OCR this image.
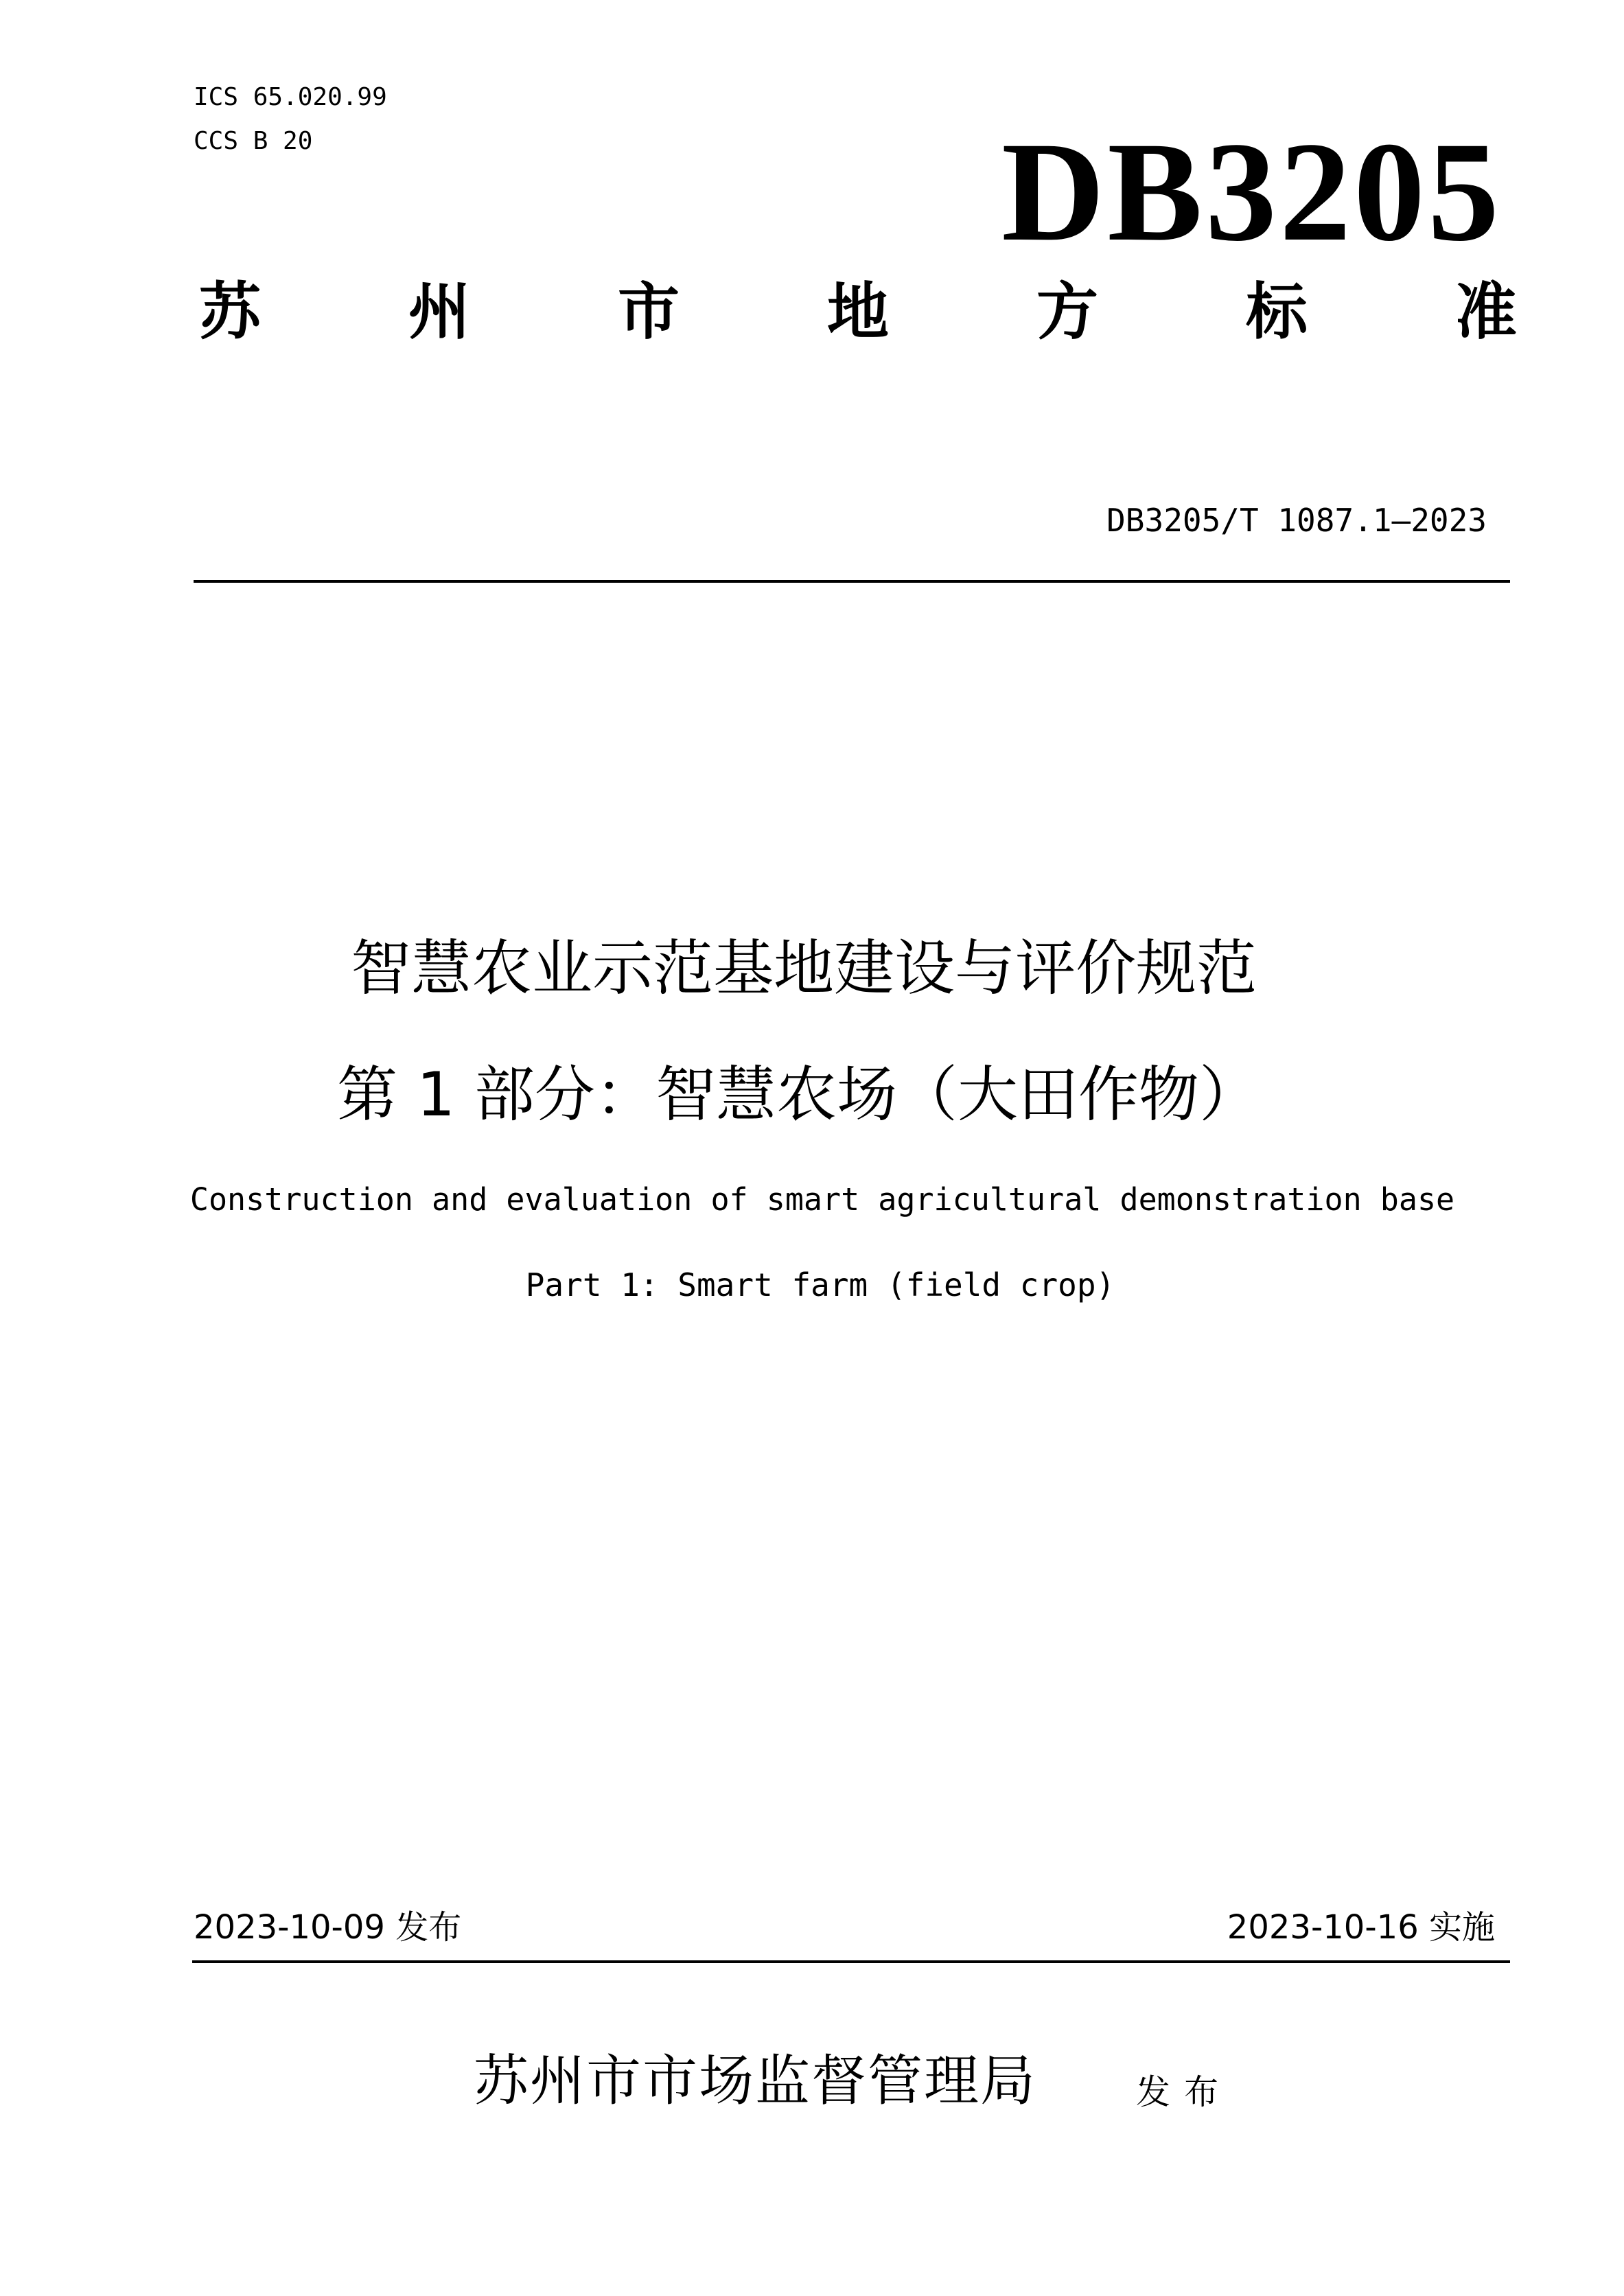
ICS 65.020.99
CCS B 20	DB3205
苏 州 市 地 方 标 准
DB3205/T 1087.1—2023
智慧农业示范基地建设与评价规范
第 1 部分：智慧农场（大田作物）
Construction and evaluation of smart agricultural demonstration base
Part 1: Smart farm (field crop)
2023-10-09 发布	2023-10-16 实施
苏州市市场监督管理局	发布
